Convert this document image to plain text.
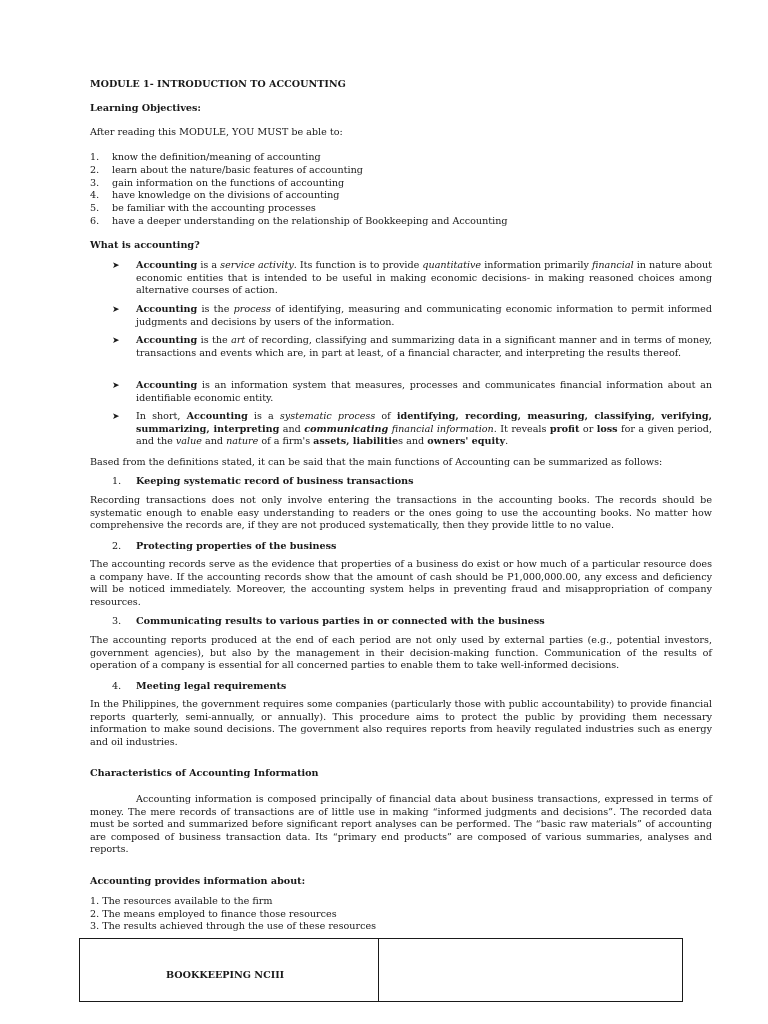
MODULE 1- INTRODUCTION TO ACCOUNTING
Learning Objectives:
After reading this MODULE, YOU MUST be able to:
1. know the definition/meaning of accounting
2. learn about the nature/basic features of accounting
3. gain information on the functions of accounting
4. have knowledge on the divisions of accounting
5. be familiar with the accounting processes
6. have a deeper understanding on the relationship of Bookkeeping and Accounting
What is accounting?
➤ Accounting is a service activity. Its function is to provide quantitative information primarily financial in nature about economic entities that is intended to be useful in making economic decisions- in making reasoned choices among alternative courses of action.
➤ Accounting is the process of identifying, measuring and communicating economic information to permit informed judgments and decisions by users of the information.
➤ Accounting is the art of recording, classifying and summarizing data in a significant manner and in terms of money, transactions and events which are, in part at least, of a financial character, and interpreting the results thereof.
➤ Accounting is an information system that measures, processes and communicates financial information about an identifiable economic entity.
➤ In short, Accounting is a systematic process of identifying, recording, measuring, classifying, verifying, summarizing, interpreting and communicating financial information. It reveals profit or loss for a given period, and the value and nature of a firm's assets, liabilities and owners' equity.
Based from the definitions stated, it can be said that the main functions of Accounting can be summarized as follows:
1. Keeping systematic record of business transactions
Recording transactions does not only involve entering the transactions in the accounting books. The records should be systematic enough to enable easy understanding to readers or the ones going to use the accounting books. No matter how comprehensive the records are, if they are not produced systematically, then they provide little to no value.
2. Protecting properties of the business
The accounting records serve as the evidence that properties of a business do exist or how much of a particular resource does a company have. If the accounting records show that the amount of cash should be P1,000,000.00, any excess and deficiency will be noticed immediately. Moreover, the accounting system helps in preventing fraud and misappropriation of company resources.
3. Communicating results to various parties in or connected with the business
The accounting reports produced at the end of each period are not only used by external parties (e.g., potential investors, government agencies), but also by the management in their decision-making function. Communication of the results of operation of a company is essential for all concerned parties to enable them to take well-informed decisions.
4. Meeting legal requirements
In the Philippines, the government requires some companies (particularly those with public accountability) to provide financial reports quarterly, semi-annually, or annually). This procedure aims to protect the public by providing them necessary information to make sound decisions. The government also requires reports from heavily regulated industries such as energy and oil industries.
Characteristics of Accounting Information
Accounting information is composed principally of financial data about business transactions, expressed in terms of money. The mere records of transactions are of little use in making “informed judgments and decisions”. The recorded data must be sorted and summarized before significant report analyses can be performed. The “basic raw materials” of accounting are composed of business transaction data. Its “primary end products” are composed of various summaries, analyses and reports.
Accounting provides information about:
1. The resources available to the firm
2. The means employed to finance those resources
3. The results achieved through the use of these resources
BOOKKEEPING NCIII
